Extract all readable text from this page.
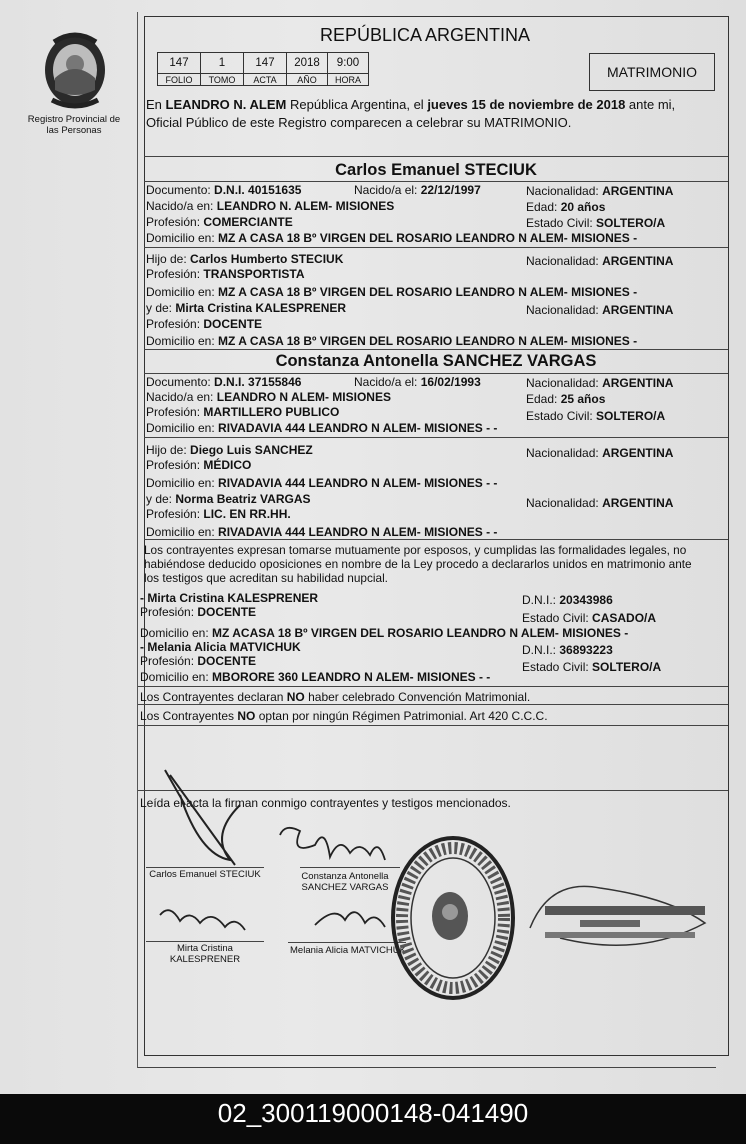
Registro Provincial de las Personas
REPÚBLICA ARGENTINA
147	1	147	2018	9:00
FOLIO	TOMO	ACTA	AÑO	HORA	MATRIMONIO
En LEANDRO N. ALEM República Argentina, el jueves 15 de noviembre de 2018 ante mi,
Oficial Público de este Registro comparecen a celebrar su MATRIMONIO.
Carlos Emanuel STECIUK
Documento: D.N.I. 40151635	Nacido/a el: 22/12/1997	Nacionalidad: ARGENTINA
Nacido/a en: LEANDRO N. ALEM- MISIONES	Edad: 20 años
Profesión: COMERCIANTE	Estado Civil: SOLTERO/A
Domicilio en: MZ A CASA 18 Bº VIRGEN DEL ROSARIO LEANDRO N ALEM- MISIONES -
Hijo de: Carlos Humberto STECIUK	Nacionalidad: ARGENTINA
Profesión: TRANSPORTISTA
Domicilio en: MZ A CASA 18 Bº VIRGEN DEL ROSARIO LEANDRO N ALEM- MISIONES -
y de: Mirta Cristina KALESPRENER	Nacionalidad: ARGENTINA
Profesión: DOCENTE
Domicilio en: MZ A CASA 18 Bº VIRGEN DEL ROSARIO LEANDRO N ALEM- MISIONES -
Constanza Antonella SANCHEZ VARGAS
Documento: D.N.I. 37155846	Nacido/a el: 16/02/1993	Nacionalidad: ARGENTINA
Nacido/a en: LEANDRO N ALEM- MISIONES	Edad: 25 años
Profesión: MARTILLERO PUBLICO	Estado Civil: SOLTERO/A
Domicilio en: RIVADAVIA 444 LEANDRO N ALEM- MISIONES - -
Hijo de: Diego Luis SANCHEZ	Nacionalidad: ARGENTINA
Profesión: MÉDICO
Domicilio en: RIVADAVIA 444 LEANDRO N ALEM- MISIONES - -
y de: Norma Beatriz VARGAS	Nacionalidad: ARGENTINA
Profesión: LIC. EN RR.HH.
Domicilio en: RIVADAVIA 444 LEANDRO N ALEM- MISIONES - -
Los contrayentes expresan tomarse mutuamente por esposos, y cumplidas las formalidades legales, no
habiéndose deducido oposiciones en nombre de la Ley procedo a declararlos unidos en matrimonio ante
los testigos que acreditan su habilidad nupcial.
- Mirta Cristina KALESPRENER	D.N.I.: 20343986
Profesión: DOCENTE	Estado Civil: CASADO/A
Domicilio en: MZ ACASA 18 Bº VIRGEN DEL ROSARIO LEANDRO N ALEM- MISIONES -
- Melania Alicia MATVICHUK	D.N.I.: 36893223
Profesión: DOCENTE	Estado Civil: SOLTERO/A
Domicilio en: MBORORE 360 LEANDRO N ALEM- MISIONES - -
Los Contrayentes declaran NO haber celebrado Convención Matrimonial.
Los Contrayentes NO optan por ningún Régimen Patrimonial. Art 420 C.C.C.
Leída el acta la firman conmigo contrayentes y testigos mencionados.
Carlos Emanuel STECIUK	Constanza Antonella
SANCHEZ VARGAS
Mirta Cristina
KALESPRENER
Melania Alicia MATVICHUK
02_300119000148-041490
